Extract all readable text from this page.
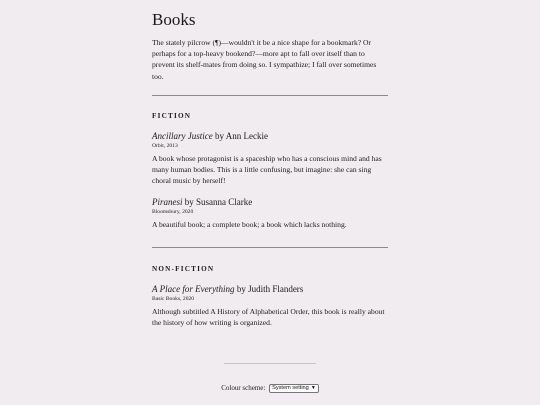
Books

The stately pilcrow (¶)—wouldn't it be a nice shape for a bookmark? Or perhaps for a top-heavy bookend?—more apt to fall over itself than to prevent its shelf-mates from doing so. I sympathize; I fall over sometimes too.

FICTION

Ancillary Justice by Ann Leckie

Orbit, 2013

A book whose protagonist is a spaceship who has a conscious mind and has many human bodies. This is a little confusing, but imagine: she can sing choral music by herself!

Piranesi by Susanna Clarke

Bloomsbury, 2020

A beautiful book; a complete book; a book which lacks nothing.

NON-FICTION

A Place for Everything by Judith Flanders

Basic Books, 2020

Although subtitled A History of Alphabetical Order, this book is really about the history of how writing is organized.

Colour scheme: System setting ▼
